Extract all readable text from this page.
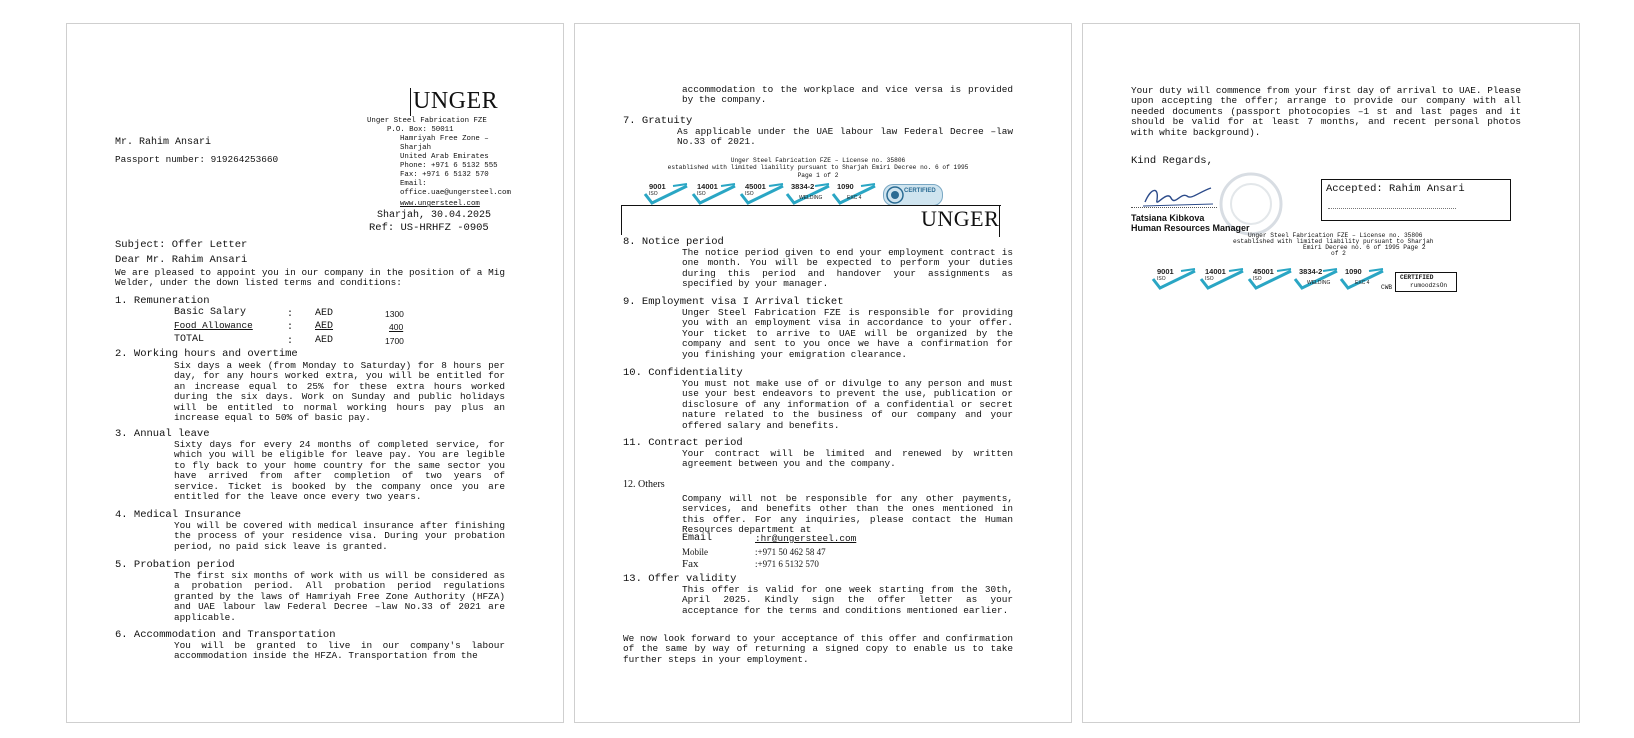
UNGER
Unger Steel Fabrication FZE
P.O. Box: 50011
Hamriyah Free Zone –
Sharjah
United Arab Emirates
Phone: +971 6 5132 555
Fax: +971 6 5132 570
Email:
office.uae@ungersteel.com
www.ungersteel.com
Mr. Rahim Ansari
Passport number: 919264253660
Sharjah, 30.04.2025
Ref: US-HRHFZ -0905
Subject: Offer Letter
Dear Mr. Rahim Ansari
We are pleased to appoint you in our company in the position of a Mig Welder, under the down listed terms and conditions:
1. Remuneration
Basic Salary	: AED	1300
Food Allowance	: AED	400
TOTAL	: AED	1700
2. Working hours and overtime
Six days a week (from Monday to Saturday) for 8 hours per day, for any hours worked extra, you will be entitled for an increase equal to 25% for these extra hours worked during the six days. Work on Sunday and public holidays will be entitled to normal working hours pay plus an increase equal to 50% of basic pay.
3. Annual leave
Sixty days for every 24 months of completed service, for which you will be eligible for leave pay. You are legible to fly back to your home country for the same sector you have arrived from after completion of two years of service. Ticket is booked by the company once you are entitled for the leave once every two years.
4. Medical Insurance
You will be covered with medical insurance after finishing the process of your residence visa. During your probation period, no paid sick leave is granted.
5. Probation period
The first six months of work with us will be considered as a probation period. All probation period regulations granted by the laws of Hamriyah Free Zone Authority (HFZA) and UAE labour law Federal Decree –law No.33 of 2021 are applicable.
6. Accommodation and Transportation
You will be granted to live in our company's labour accommodation inside the HFZA. Transportation from the
accommodation to the workplace and vice versa is provided by the company.
7. Gratuity
As applicable under the UAE labour law Federal Decree –law No.33 of 2021.
Unger Steel Fabrication FZE – License no. 35806
established with limited liability pursuant to Sharjah Emiri Decree no. 6 of 1995
Page 1 of 2
9001
ISO
14001
ISO
45001
ISO
3834-2
WELDING
1090
EXC 4
CERTIFIED
UNGER
8. Notice period
The notice period given to end your employment contract is one month. You will be expected to perform your duties during this period and handover your assignments as specified by your manager.
9. Employment visa I Arrival ticket
Unger Steel Fabrication FZE is responsible for providing you with an employment visa in accordance to your offer. Your ticket to arrive to UAE will be organized by the company and sent to you once we have a confirmation for you finishing your emigration clearance.
10. Confidentiality
You must not make use of or divulge to any person and must use your best endeavors to prevent the use, publication or disclosure of any information of a confidential or secret nature related to the business of our company and your offered salary and benefits.
11. Contract period
Your contract will be limited and renewed by written agreement between you and the company.
12. Others
Company will not be responsible for any other payments, services, and benefits other than the ones mentioned in this offer. For any inquiries, please contact the Human Resources department at
Email	:hr@ungersteel.com
Mobile	:+971 50 462 58 47
Fax	:+971 6 5132 570
13. Offer validity
This offer is valid for one week starting from the 30th, April 2025. Kindly sign the offer letter as your acceptance for the terms and conditions mentioned earlier.
We now look forward to your acceptance of this offer and confirmation of the same by way of returning a signed copy to enable us to take further steps in your employment.
Your duty will commence from your first day of arrival to UAE. Please upon accepting the offer; arrange to provide our company with all needed documents (passport photocopies –1 st and last pages and it should be valid for at least 7 months, and recent personal photos with white background).
Kind Regards,
Tatsiana Kibkova
Human Resources Manager
Accepted: Rahim Ansari
Unger Steel Fabrication FZE – License no. 35806
established with limited liability pursuant to Sharjah
Emiri Decree no. 6 of 1995 Page 2
of 2
9001
ISO
14001
ISO
45001
ISO
3834-2
WELDING
1090
EXC 4
CERTIFIED
rumoodzsOn
CWB
